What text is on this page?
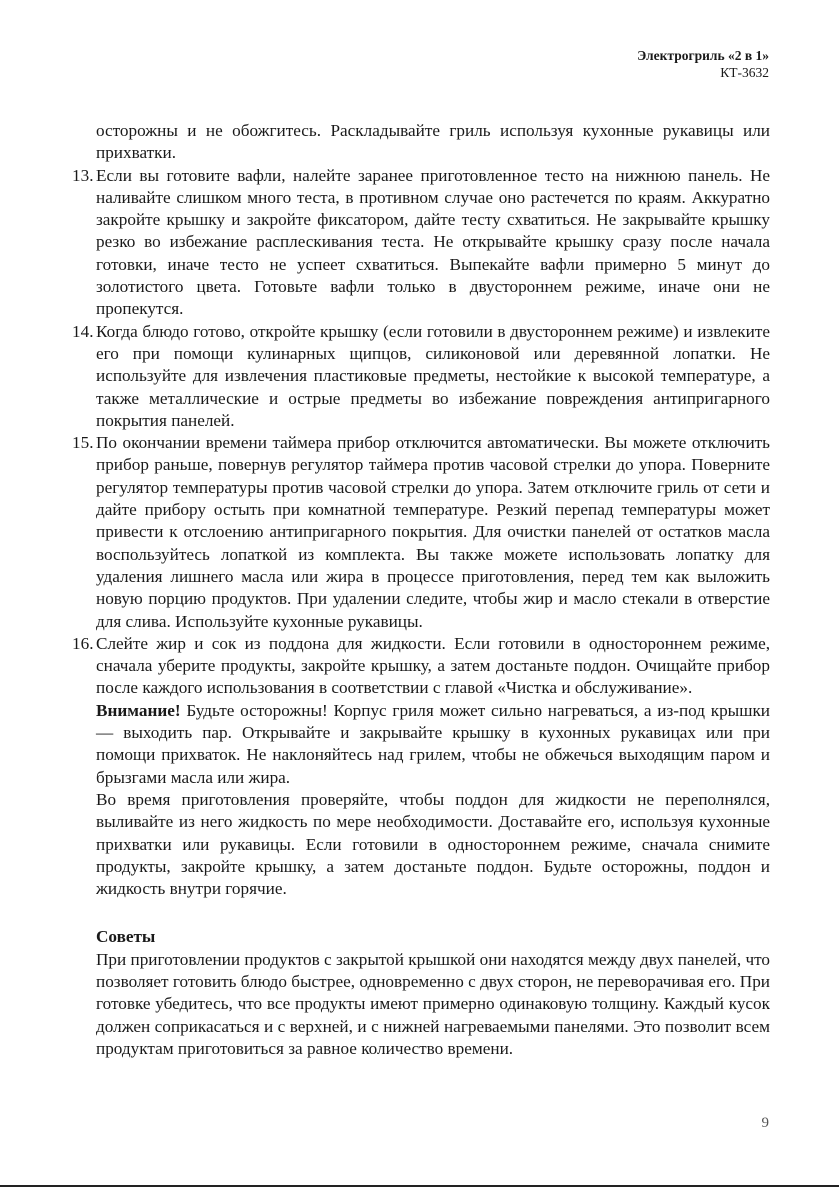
Электрогриль «2 в 1»
КТ-3632

осторожны и не обожгитесь. Раскладывайте гриль используя кухонные рукавицы или прихватки.

13. Если вы готовите вафли, налейте заранее приготовленное тесто на нижнюю панель. Не наливайте слишком много теста, в противном случае оно растечется по краям. Аккуратно закройте крышку и закройте фиксатором, дайте тесту схватиться. Не закрывайте крышку резко во избежание расплескивания теста. Не открывайте крышку сразу после начала готовки, иначе тесто не успеет схватиться. Выпекайте вафли примерно 5 минут до золотистого цвета. Готовьте вафли только в двустороннем режиме, иначе они не пропекутся.

14. Когда блюдо готово, откройте крышку (если готовили в двустороннем режиме) и извлеките его при помощи кулинарных щипцов, силиконовой или деревянной лопатки. Не используйте для извлечения пластиковые предметы, нестойкие к высокой температуре, а также металлические и острые предметы во избежание повреждения антипригарного покрытия панелей.

15. По окончании времени таймера прибор отключится автоматически. Вы можете отключить прибор раньше, повернув регулятор таймера против часовой стрелки до упора. Поверните регулятор температуры против часовой стрелки до упора. Затем отключите гриль от сети и дайте прибору остыть при комнатной температуре. Резкий перепад температуры может привести к отслоению антипригарного покрытия. Для очистки панелей от остатков масла воспользуйтесь лопаткой из комплекта. Вы также можете использовать лопатку для удаления лишнего масла или жира в процессе приготовления, перед тем как выложить новую порцию продуктов. При удалении следите, чтобы жир и масло стекали в отверстие для слива. Используйте кухонные рукавицы.

16. Слейте жир и сок из поддона для жидкости. Если готовили в одностороннем режиме, сначала уберите продукты, закройте крышку, а затем достаньте поддон. Очищайте прибор после каждого использования в соответствии с главой «Чистка и обслуживание».

Внимание! Будьте осторожны! Корпус гриля может сильно нагреваться, а из-под крышки — выходить пар. Открывайте и закрывайте крышку в кухонных рукавицах или при помощи прихваток. Не наклоняйтесь над грилем, чтобы не обжечься выходящим паром и брызгами масла или жира.

Во время приготовления проверяйте, чтобы поддон для жидкости не переполнялся, выливайте из него жидкость по мере необходимости. Доставайте его, используя кухонные прихватки или рукавицы. Если готовили в одностороннем режиме, сначала снимите продукты, закройте крышку, а затем достаньте поддон. Будьте осторожны, поддон и жидкость внутри горячие.

Советы

При приготовлении продуктов с закрытой крышкой они находятся между двух панелей, что позволяет готовить блюдо быстрее, одновременно с двух сторон, не переворачивая его. При готовке убедитесь, что все продукты имеют примерно одинаковую толщину. Каждый кусок должен соприкасаться и с верхней, и с нижней нагреваемыми панелями. Это позволит всем продуктам приготовиться за равное количество времени.

9
